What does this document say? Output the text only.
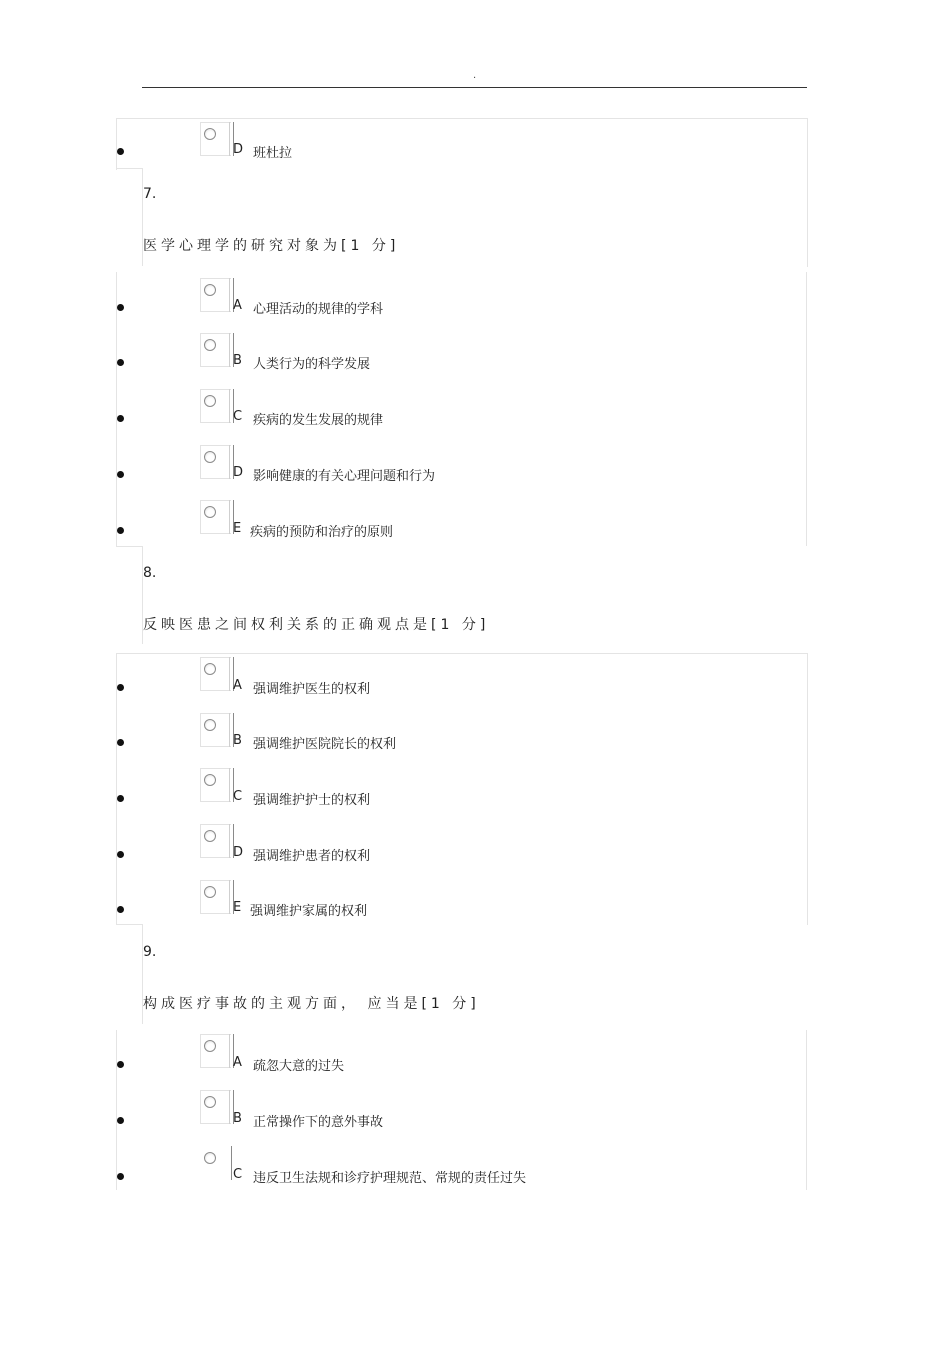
.
D 班杜拉
7.
医学心理学的研究对象为[1 分]
A 心理活动的规律的学科
B 人类行为的科学发展
C 疾病的发生发展的规律
D 影响健康的有关心理问题和行为
E 疾病的预防和治疗的原则
8.
反映医患之间权利关系的正确观点是[1 分]
A 强调维护医生的权利
B 强调维护医院院长的权利
C 强调维护护士的权利
D 强调维护患者的权利
E 强调维护家属的权利
9.
构成医疗事故的主观方面， 应当是[1 分]
A 疏忽大意的过失
B 正常操作下的意外事故
C 违反卫生法规和诊疗护理规范、常规的责任过失
